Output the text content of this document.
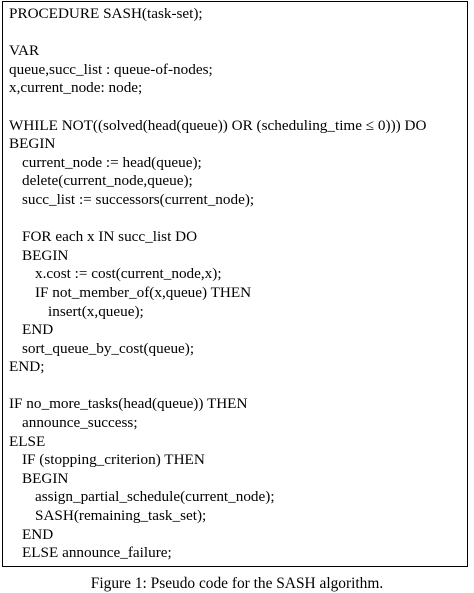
PROCEDURE SASH(task-set);
VAR
queue,succ_list : queue-of-nodes;
x,current_node: node;
WHILE NOT((solved(head(queue)) OR (scheduling_time ≤ 0))) DO
BEGIN
current_node := head(queue);
delete(current_node,queue);
succ_list := successors(current_node);
FOR each x IN succ_list DO
BEGIN
x.cost := cost(current_node,x);
IF not_member_of(x,queue) THEN
insert(x,queue);
END
sort_queue_by_cost(queue);
END;
IF no_more_tasks(head(queue)) THEN
announce_success;
ELSE
IF (stopping_criterion) THEN
BEGIN
assign_partial_schedule(current_node);
SASH(remaining_task_set);
END
ELSE announce_failure;
Figure 1: Pseudo code for the SASH algorithm.
